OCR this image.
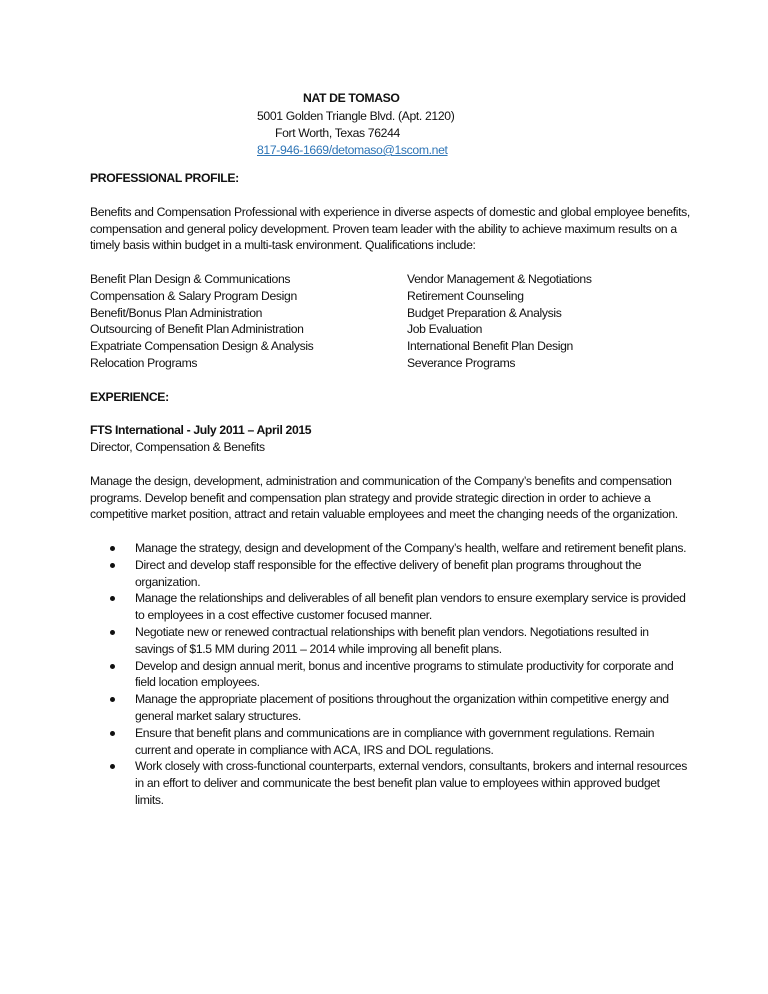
NAT DE TOMASO
5001 Golden Triangle Blvd. (Apt. 2120)
Fort Worth, Texas 76244
817-946-1669/detomaso@1scom.net
PROFESSIONAL PROFILE:

Benefits and Compensation Professional with experience in diverse aspects of domestic and global employee benefits, compensation and general policy development. Proven team leader with the ability to achieve maximum results on a timely basis within budget in a multi-task environment. Qualifications include:

Benefit Plan Design & Communications	Vendor Management & Negotiations
Compensation & Salary Program Design	Retirement Counseling
Benefit/Bonus Plan Administration	Budget Preparation & Analysis
Outsourcing of Benefit Plan Administration	Job Evaluation
Expatriate Compensation Design & Analysis	International Benefit Plan Design
Relocation Programs	Severance Programs
EXPERIENCE:
FTS International - July 2011 – April 2015
Director, Compensation & Benefits

Manage the design, development, administration and communication of the Company’s benefits and compensation programs. Develop benefit and compensation plan strategy and provide strategic direction in order to achieve a competitive market position, attract and retain valuable employees and meet the changing needs of the organization.

Manage the strategy, design and development of the Company’s health, welfare and retirement benefit plans.
Direct and develop staff responsible for the effective delivery of benefit plan programs throughout the organization.
Manage the relationships and deliverables of all benefit plan vendors to ensure exemplary service is provided to employees in a cost effective customer focused manner.
Negotiate new or renewed contractual relationships with benefit plan vendors. Negotiations resulted in savings of $1.5 MM during 2011 – 2014 while improving all benefit plans.
Develop and design annual merit, bonus and incentive programs to stimulate productivity for corporate and field location employees.
Manage the appropriate placement of positions throughout the organization within competitive energy and general market salary structures.
Ensure that benefit plans and communications are in compliance with government regulations. Remain current and operate in compliance with ACA, IRS and DOL regulations.
Work closely with cross-functional counterparts, external vendors, consultants, brokers and internal resources in an effort to deliver and communicate the best benefit plan value to employees within approved budget limits.
